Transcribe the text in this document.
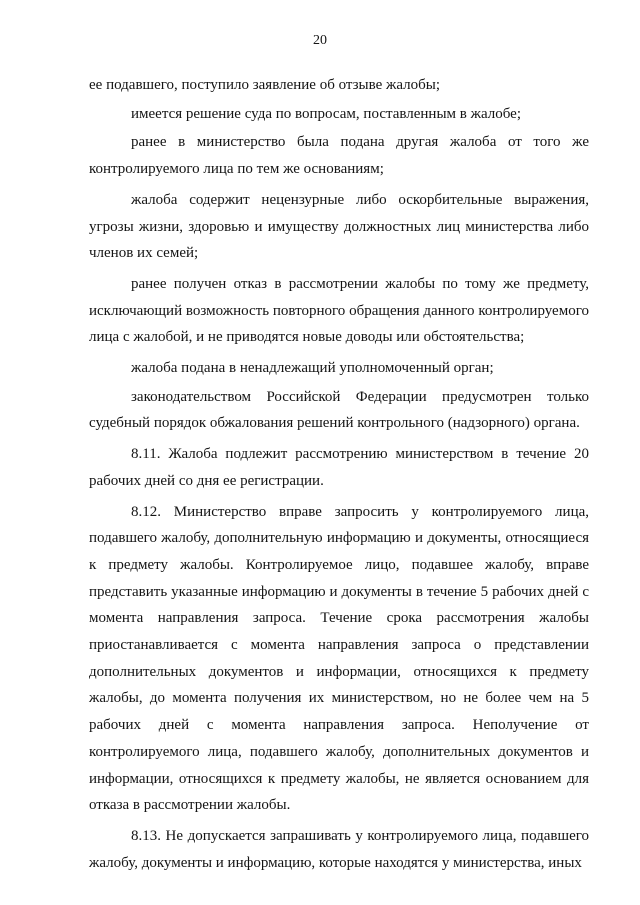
20

ее подавшего, поступило заявление об отзыве жалобы;

имеется решение суда по вопросам, поставленным в жалобе;

ранее в министерство была подана другая жалоба от того же контролируемого лица по тем же основаниям;

жалоба содержит нецензурные либо оскорбительные выражения, угрозы жизни, здоровью и имуществу должностных лиц министерства либо членов их семей;

ранее получен отказ в рассмотрении жалобы по тому же предмету, исключающий возможность повторного обращения данного контролируемого лица с жалобой, и не приводятся новые доводы или обстоятельства;

жалоба подана в ненадлежащий уполномоченный орган;

законодательством Российской Федерации предусмотрен только судебный порядок обжалования решений контрольного (надзорного) органа.

8.11. Жалоба подлежит рассмотрению министерством в течение 20 рабочих дней со дня ее регистрации.

8.12. Министерство вправе запросить у контролируемого лица, подавшего жалобу, дополнительную информацию и документы, относящиеся к предмету жалобы. Контролируемое лицо, подавшее жалобу, вправе представить указанные информацию и документы в течение 5 рабочих дней с момента направления запроса. Течение срока рассмотрения жалобы приостанавливается с момента направления запроса о представлении дополнительных документов и информации, относящихся к предмету жалобы, до момента получения их министерством, но не более чем на 5 рабочих дней с момента направления запроса. Неполучение от контролируемого лица, подавшего жалобу, дополнительных документов и информации, относящихся к предмету жалобы, не является основанием для отказа в рассмотрении жалобы.

8.13. Не допускается запрашивать у контролируемого лица, подавшего жалобу, документы и информацию, которые находятся у министерства, иных
